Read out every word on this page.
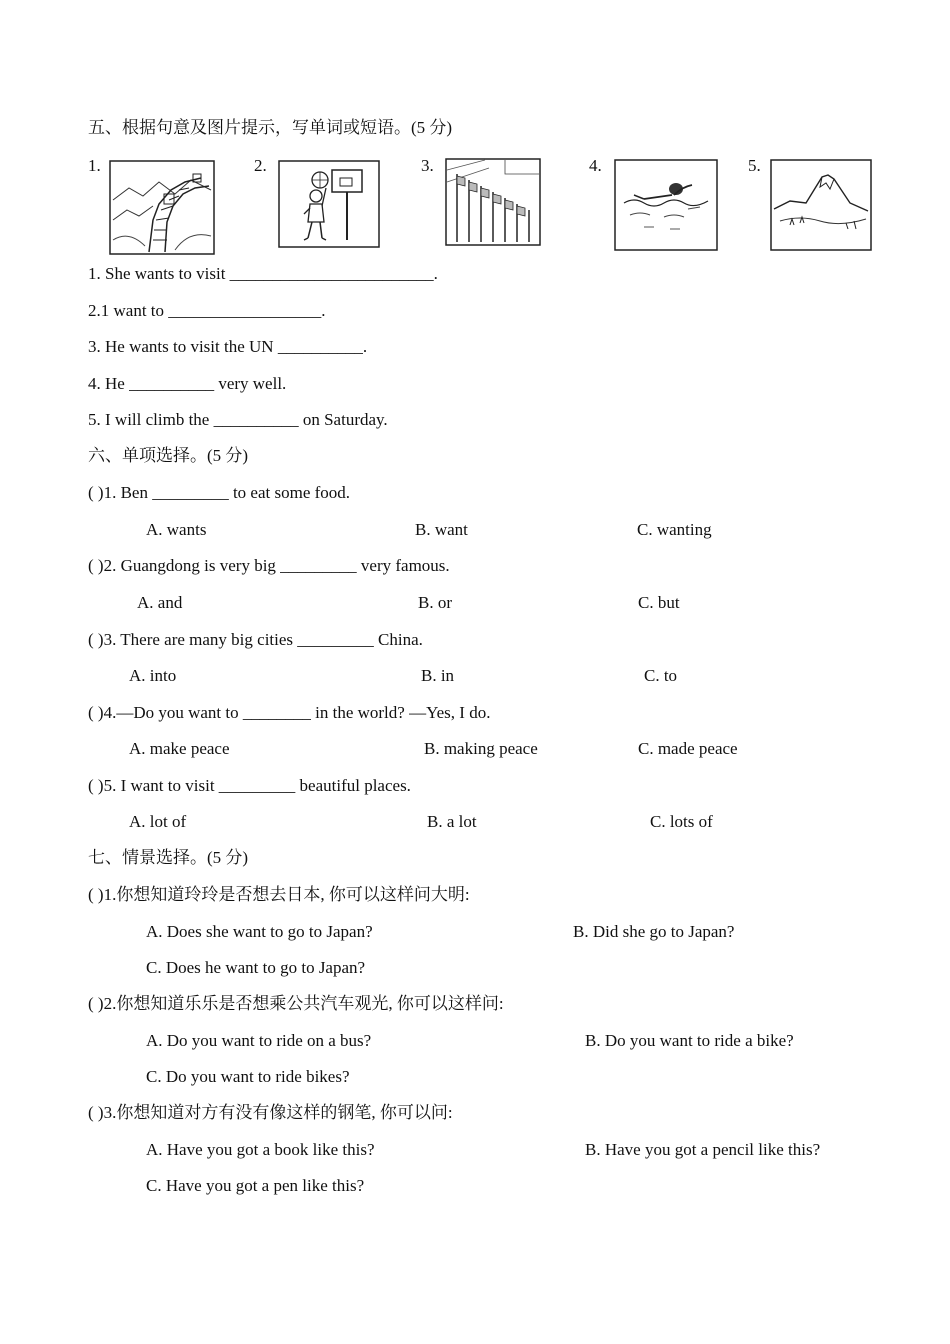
五、根据句意及图片提示，写单词或短语。(5 分)
1.	2.	3.	4.	5.
1. She wants to visit ________________________.
2.1 want to __________________.
3. He wants to visit the UN __________.
4. He __________ very well.
5. I will climb the __________ on Saturday.
六、单项选择。(5 分)
( )1. Ben _________ to eat some food.
A. wants	B. want	C. wanting
( )2. Guangdong is very big _________ very famous.
A. and	B. or	C. but
( )3. There are many big cities _________ China.
A. into	B. in	C. to
( )4.—Do you want to ________ in the world? —Yes, I do.
A. make peace	B. making peace	C. made peace
( )5. I want to visit _________ beautiful places.
A. lot of	B. a lot	C. lots of
七、情景选择。(5 分)
( )1.你想知道玲玲是否想去日本, 你可以这样问大明:
A. Does she want to go to Japan?	B. Did she go to Japan?
C. Does he want to go to Japan?
( )2.你想知道乐乐是否想乘公共汽车观光, 你可以这样问:
A. Do you want to ride on a bus?	B. Do you want to ride a bike?
C. Do you want to ride bikes?
( )3.你想知道对方有没有像这样的钢笔, 你可以问:
A. Have you got a book like this?	B. Have you got a pencil like this?
C. Have you got a pen like this?
